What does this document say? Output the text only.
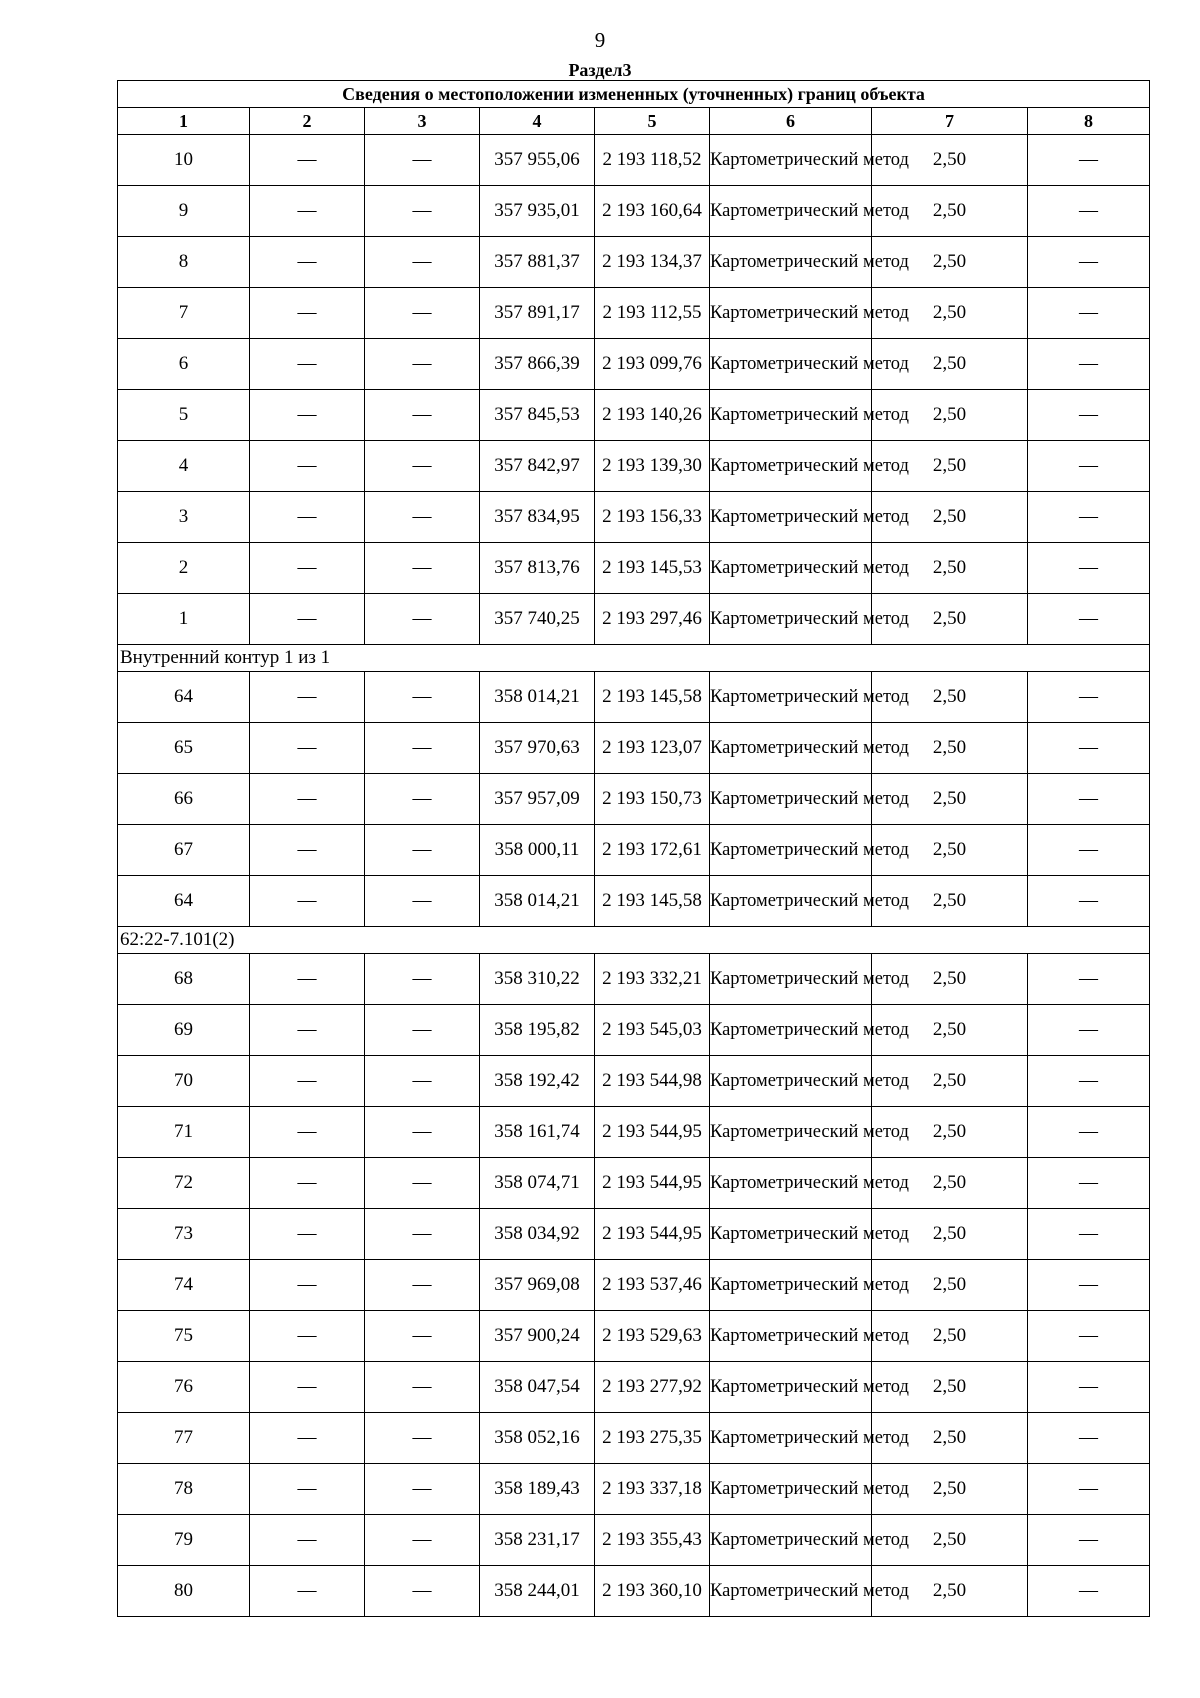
9
Раздел3
Сведения о местоположении измененных (уточненных) границ объекта							
1	2	3	4	5	6	7	8
10	—	—	357 955,06	2 193 118,52	Картометрический метод	2,50	—
9	—	—	357 935,01	2 193 160,64	Картометрический метод	2,50	—
8	—	—	357 881,37	2 193 134,37	Картометрический метод	2,50	—
7	—	—	357 891,17	2 193 112,55	Картометрический метод	2,50	—
6	—	—	357 866,39	2 193 099,76	Картометрический метод	2,50	—
5	—	—	357 845,53	2 193 140,26	Картометрический метод	2,50	—
4	—	—	357 842,97	2 193 139,30	Картометрический метод	2,50	—
3	—	—	357 834,95	2 193 156,33	Картометрический метод	2,50	—
2	—	—	357 813,76	2 193 145,53	Картометрический метод	2,50	—
1	—	—	357 740,25	2 193 297,46	Картометрический метод	2,50	—
Внутренний контур 1 из 1							
64	—	—	358 014,21	2 193 145,58	Картометрический метод	2,50	—
65	—	—	357 970,63	2 193 123,07	Картометрический метод	2,50	—
66	—	—	357 957,09	2 193 150,73	Картометрический метод	2,50	—
67	—	—	358 000,11	2 193 172,61	Картометрический метод	2,50	—
64	—	—	358 014,21	2 193 145,58	Картометрический метод	2,50	—
62:22-7.101(2)							
68	—	—	358 310,22	2 193 332,21	Картометрический метод	2,50	—
69	—	—	358 195,82	2 193 545,03	Картометрический метод	2,50	—
70	—	—	358 192,42	2 193 544,98	Картометрический метод	2,50	—
71	—	—	358 161,74	2 193 544,95	Картометрический метод	2,50	—
72	—	—	358 074,71	2 193 544,95	Картометрический метод	2,50	—
73	—	—	358 034,92	2 193 544,95	Картометрический метод	2,50	—
74	—	—	357 969,08	2 193 537,46	Картометрический метод	2,50	—
75	—	—	357 900,24	2 193 529,63	Картометрический метод	2,50	—
76	—	—	358 047,54	2 193 277,92	Картометрический метод	2,50	—
77	—	—	358 052,16	2 193 275,35	Картометрический метод	2,50	—
78	—	—	358 189,43	2 193 337,18	Картометрический метод	2,50	—
79	—	—	358 231,17	2 193 355,43	Картометрический метод	2,50	—
80	—	—	358 244,01	2 193 360,10	Картометрический метод	2,50	—
